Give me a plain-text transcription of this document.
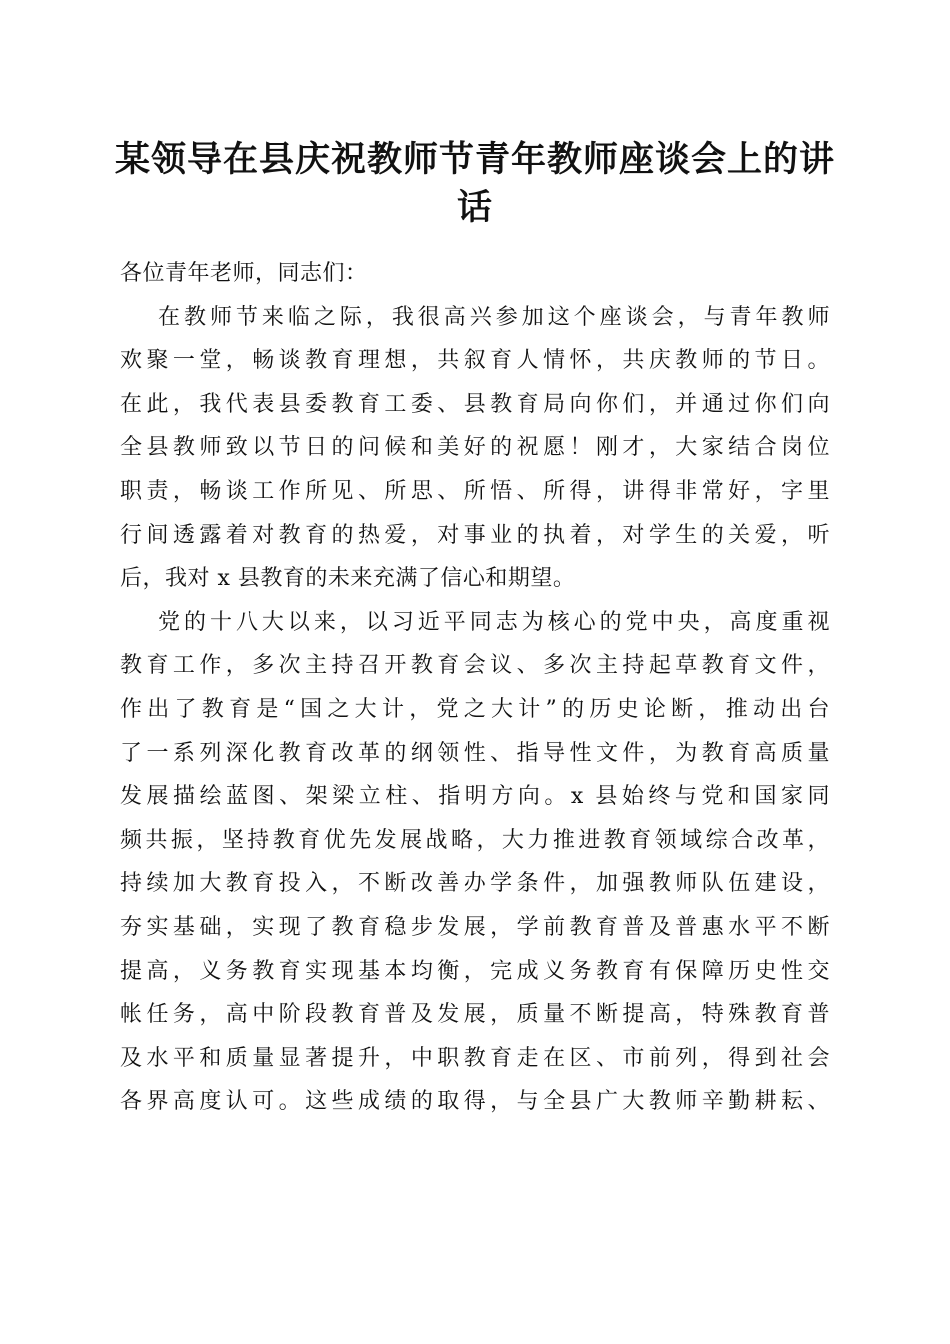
某领导在县庆祝教师节青年教师座谈会上的讲
话
各位青年老师，同志们：
在教师节来临之际，我很高兴参加这个座谈会，与青年教师
欢聚一堂，畅谈教育理想，共叙育人情怀，共庆教师的节日。
在此，我代表县委教育工委、县教育局向你们，并通过你们向
全县教师致以节日的问候和美好的祝愿！刚才，大家结合岗位
职责，畅谈工作所见、所思、所悟、所得，讲得非常好，字里
行间透露着对教育的热爱，对事业的执着，对学生的关爱，听
后，我对 x 县教育的未来充满了信心和期望。
党的十八大以来，以习近平同志为核心的党中央，高度重视
教育工作，多次主持召开教育会议、多次主持起草教育文件，
作出了教育是“国之大计，党之大计”的历史论断，推动出台
了一系列深化教育改革的纲领性、指导性文件，为教育高质量
发展描绘蓝图、架梁立柱、指明方向。x 县始终与党和国家同
频共振，坚持教育优先发展战略，大力推进教育领域综合改革，
持续加大教育投入，不断改善办学条件，加强教师队伍建设，
夯实基础，实现了教育稳步发展，学前教育普及普惠水平不断
提高，义务教育实现基本均衡，完成义务教育有保障历史性交
帐任务，高中阶段教育普及发展，质量不断提高，特殊教育普
及水平和质量显著提升，中职教育走在区、市前列，得到社会
各界高度认可。这些成绩的取得，与全县广大教师辛勤耕耘、
